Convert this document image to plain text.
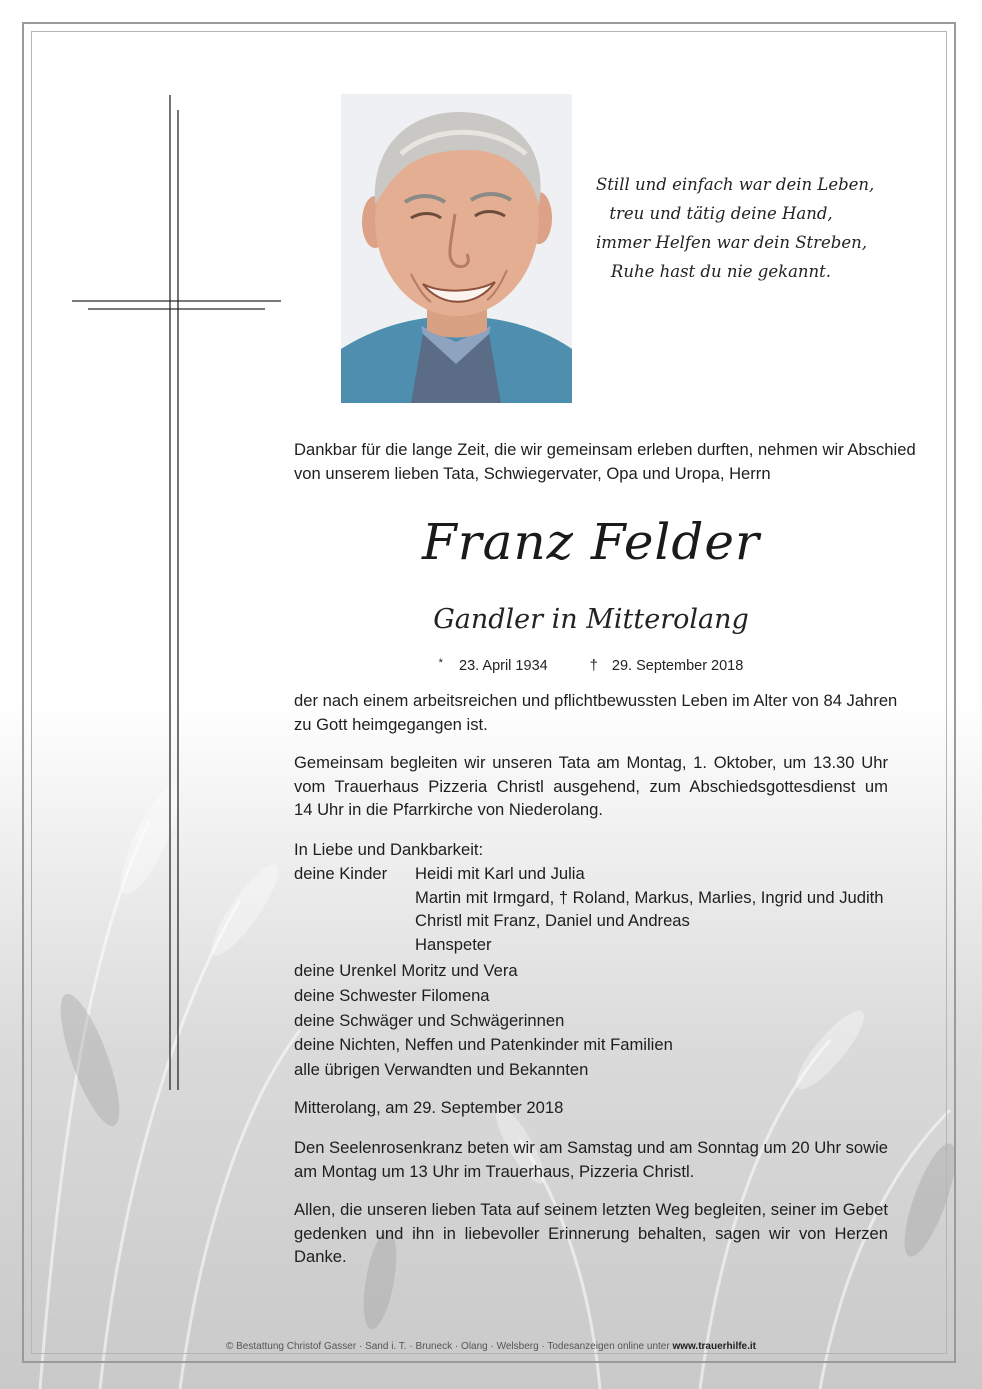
Still und einfach war dein Leben,
treu und tätig deine Hand,
immer Helfen war dein Streben,
Ruhe hast du nie gekannt.
Dankbar für die lange Zeit, die wir gemeinsam erleben durften, nehmen wir Abschied
von unserem lieben Tata, Schwiegervater, Opa und Uropa, Herrn
Franz Felder
Gandler in Mitterolang
* 23. April 1934	† 29. September 2018
der nach einem arbeitsreichen und pflichtbewussten Leben im Alter von 84 Jahren
zu Gott heimgegangen ist.
Gemeinsam begleiten wir unseren Tata am Montag, 1. Oktober, um 13.30 Uhr
vom Trauerhaus Pizzeria Christl ausgehend, zum Abschiedsgottesdienst um
14 Uhr in die Pfarrkirche von Niederolang.
In Liebe und Dankbarkeit:
deine Kinder	Heidi mit Karl und Julia
Martin mit Irmgard, † Roland, Markus, Marlies, Ingrid und Judith
Christl mit Franz, Daniel und Andreas
Hanspeter
deine Urenkel Moritz und Vera
deine Schwester Filomena
deine Schwäger und Schwägerinnen
deine Nichten, Neffen und Patenkinder mit Familien
alle übrigen Verwandten und Bekannten
Mitterolang, am 29. September 2018
Den Seelenrosenkranz beten wir am Samstag und am Sonntag um 20 Uhr sowie
am Montag um 13 Uhr im Trauerhaus, Pizzeria Christl.
Allen, die unseren lieben Tata auf seinem letzten Weg begleiten, seiner im Gebet
gedenken und ihn in liebevoller Erinnerung behalten, sagen wir von Herzen
Danke.
© Bestattung Christof Gasser · Sand i. T. · Bruneck · Olang · Welsberg · Todesanzeigen online unter www.trauerhilfe.it
